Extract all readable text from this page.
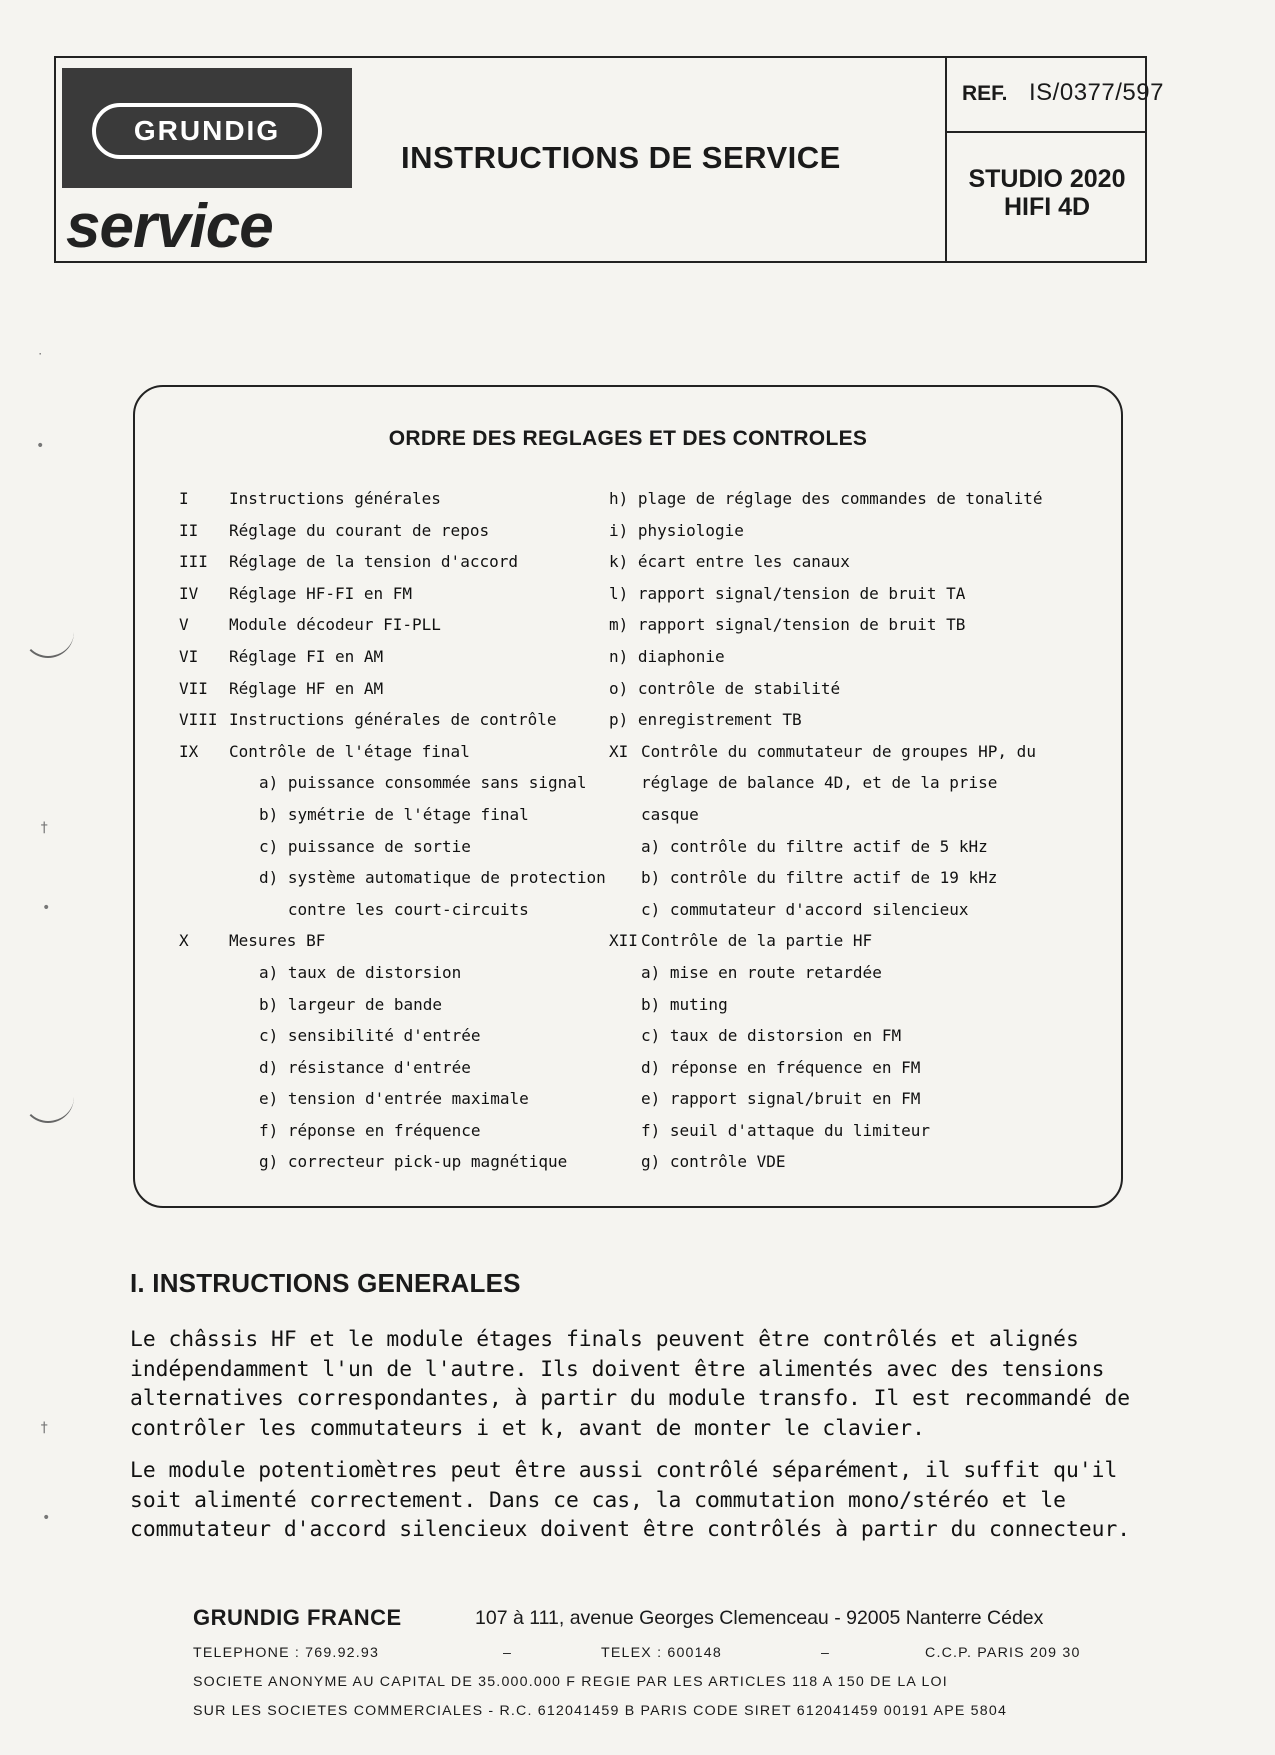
˙
•
†
•
†
•
GRUNDIG
service
INSTRUCTIONS DE SERVICE
REF. IS/0377/597
STUDIO 2020
HIFI 4D
ORDRE DES REGLAGES ET DES CONTROLES
I	Instructions générales
II Réglage du courant de repos
III Réglage de la tension d'accord
IV Réglage HF-FI en FM
V	Module décodeur FI-PLL
VI Réglage FI en AM
VII Réglage HF en AM
VIII Instructions générales de contrôle
IX Contrôle de l'étage final
a) puissance consommée sans signal
b) symétrie de l'étage final
c) puissance de sortie
d) système automatique de protection
contre les court-circuits
X	Mesures BF
a) taux de distorsion
b) largeur de bande
c) sensibilité d'entrée
d) résistance d'entrée
e) tension d'entrée maximale
f) réponse en fréquence
g) correcteur pick-up magnétique
h) plage de réglage des commandes de tonalité
i) physiologie
k) écart entre les canaux
l) rapport signal/tension de bruit TA
m) rapport signal/tension de bruit TB
n) diaphonie
o) contrôle de stabilité
p) enregistrement TB
XI Contrôle du commutateur de groupes HP, du
réglage de balance 4D, et de la prise
casque
a) contrôle du filtre actif de 5 kHz
b) contrôle du filtre actif de 19 kHz
c) commutateur d'accord silencieux
XII Contrôle de la partie HF
a) mise en route retardée
b) muting
c) taux de distorsion en FM
d) réponse en fréquence en FM
e) rapport signal/bruit en FM
f) seuil d'attaque du limiteur
g) contrôle VDE
I. INSTRUCTIONS GENERALES
Le châssis HF et le module étages finals peuvent être contrôlés et alignés indépendamment l'un de l'autre. Ils doivent être alimentés avec des tensions alternatives correspondantes, à partir du module transfo. Il est recommandé de contrôler les commutateurs i et k, avant de monter le clavier.
Le module potentiomètres peut être aussi contrôlé séparément, il suffit qu'il soit alimenté correctement. Dans ce cas, la commutation mono/stéréo et le commutateur d'accord silencieux doivent être contrôlés à partir du connecteur.
GRUNDIG FRANCE	107 à 111, avenue Georges Clemenceau - 92005 Nanterre Cédex
TELEPHONE : 769.92.93	–	TELEX : 600148	–	C.C.P. PARIS 209 30
SOCIETE ANONYME AU CAPITAL DE 35.000.000 F REGIE PAR LES ARTICLES 118 A 150 DE LA LOI
SUR LES SOCIETES COMMERCIALES - R.C. 612041459 B PARIS CODE SIRET 612041459 00191 APE 5804
